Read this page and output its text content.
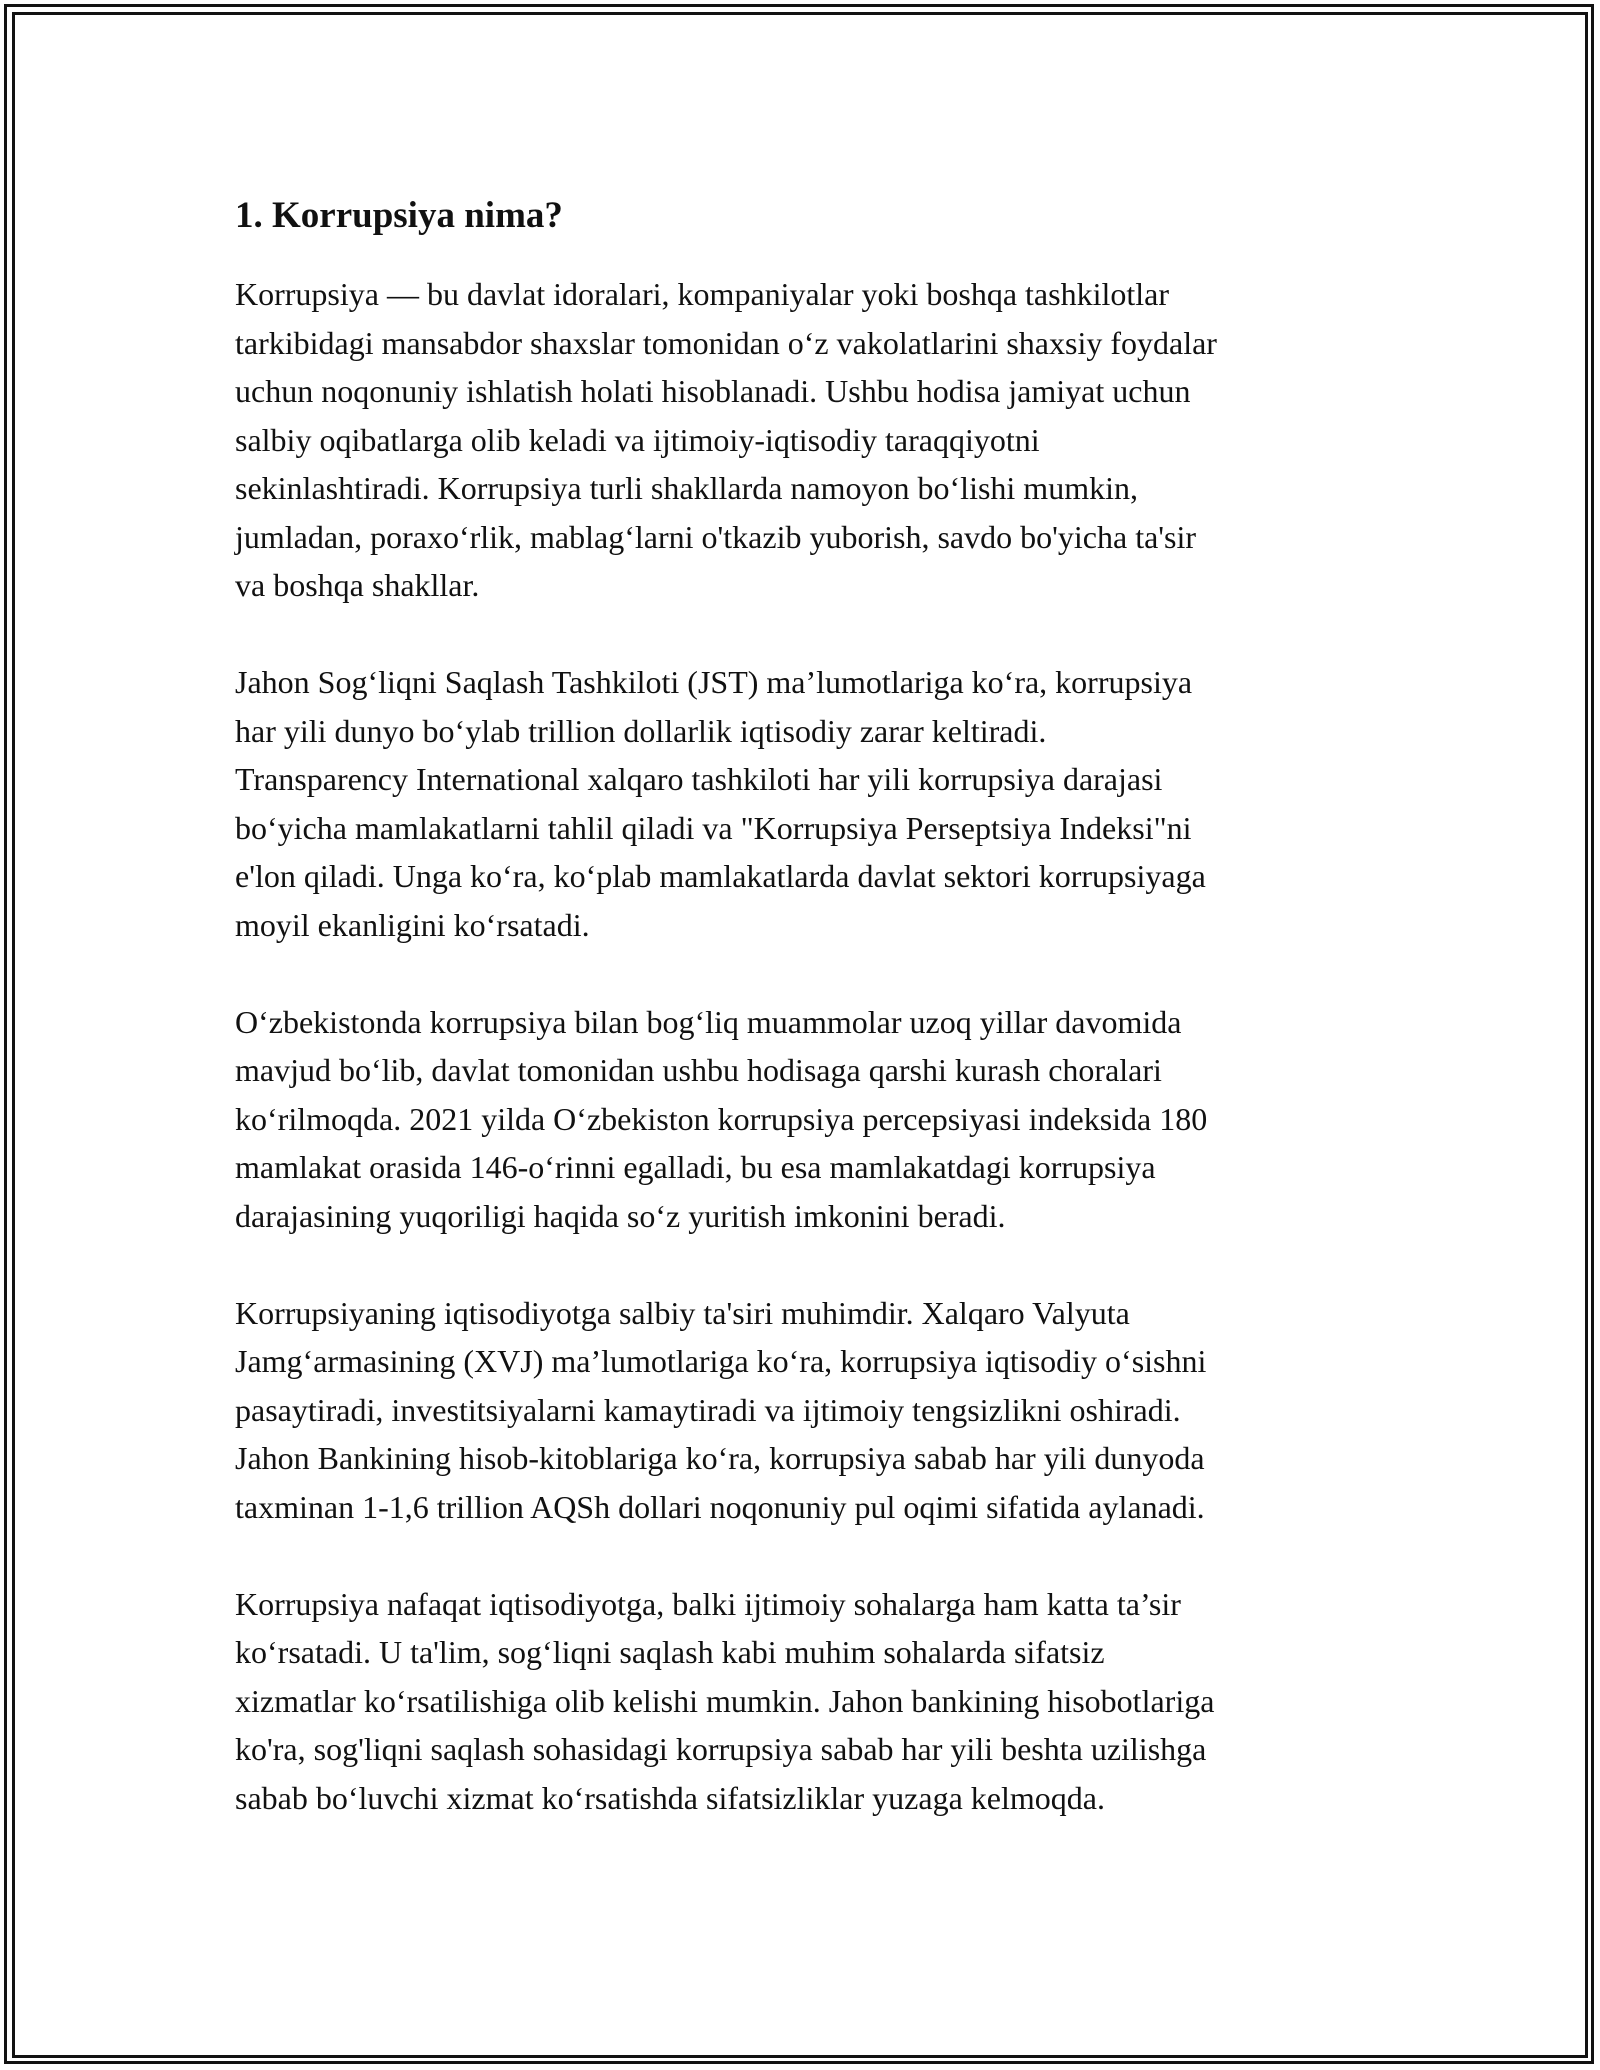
1. Korrupsiya nima?

Korrupsiya — bu davlat idoralari, kompaniyalar yoki boshqa tashkilotlar
tarkibidagi mansabdor shaxslar tomonidan o‘z vakolatlarini shaxsiy foydalar
uchun noqonuniy ishlatish holati hisoblanadi. Ushbu hodisa jamiyat uchun
salbiy oqibatlarga olib keladi va ijtimoiy-iqtisodiy taraqqiyotni
sekinlashtiradi. Korrupsiya turli shakllarda namoyon bo‘lishi mumkin,
jumladan, poraxo‘rlik, mablag‘larni o'tkazib yuborish, savdo bo'yicha ta'sir
va boshqa shakllar.

Jahon Sog‘liqni Saqlash Tashkiloti (JST) ma’lumotlariga ko‘ra, korrupsiya
har yili dunyo bo‘ylab trillion dollarlik iqtisodiy zarar keltiradi.
Transparency International xalqaro tashkiloti har yili korrupsiya darajasi
bo‘yicha mamlakatlarni tahlil qiladi va "Korrupsiya Perseptsiya Indeksi"ni
e'lon qiladi. Unga ko‘ra, ko‘plab mamlakatlarda davlat sektori korrupsiyaga
moyil ekanligini ko‘rsatadi.

O‘zbekistonda korrupsiya bilan bog‘liq muammolar uzoq yillar davomida
mavjud bo‘lib, davlat tomonidan ushbu hodisaga qarshi kurash choralari
ko‘rilmoqda. 2021 yilda O‘zbekiston korrupsiya percepsiyasi indeksida 180
mamlakat orasida 146-o‘rinni egalladi, bu esa mamlakatdagi korrupsiya
darajasining yuqoriligi haqida so‘z yuritish imkonini beradi.

Korrupsiyaning iqtisodiyotga salbiy ta'siri muhimdir. Xalqaro Valyuta
Jamg‘armasining (XVJ) ma’lumotlariga ko‘ra, korrupsiya iqtisodiy o‘sishni
pasaytiradi, investitsiyalarni kamaytiradi va ijtimoiy tengsizlikni oshiradi.
Jahon Bankining hisob-kitoblariga ko‘ra, korrupsiya sabab har yili dunyoda
taxminan 1-1,6 trillion AQSh dollari noqonuniy pul oqimi sifatida aylanadi.

Korrupsiya nafaqat iqtisodiyotga, balki ijtimoiy sohalarga ham katta ta’sir
ko‘rsatadi. U ta'lim, sog‘liqni saqlash kabi muhim sohalarda sifatsiz
xizmatlar ko‘rsatilishiga olib kelishi mumkin. Jahon bankining hisobotlariga
ko'ra, sog'liqni saqlash sohasidagi korrupsiya sabab har yili beshta uzilishga
sabab bo‘luvchi xizmat ko‘rsatishda sifatsizliklar yuzaga kelmoqda.
